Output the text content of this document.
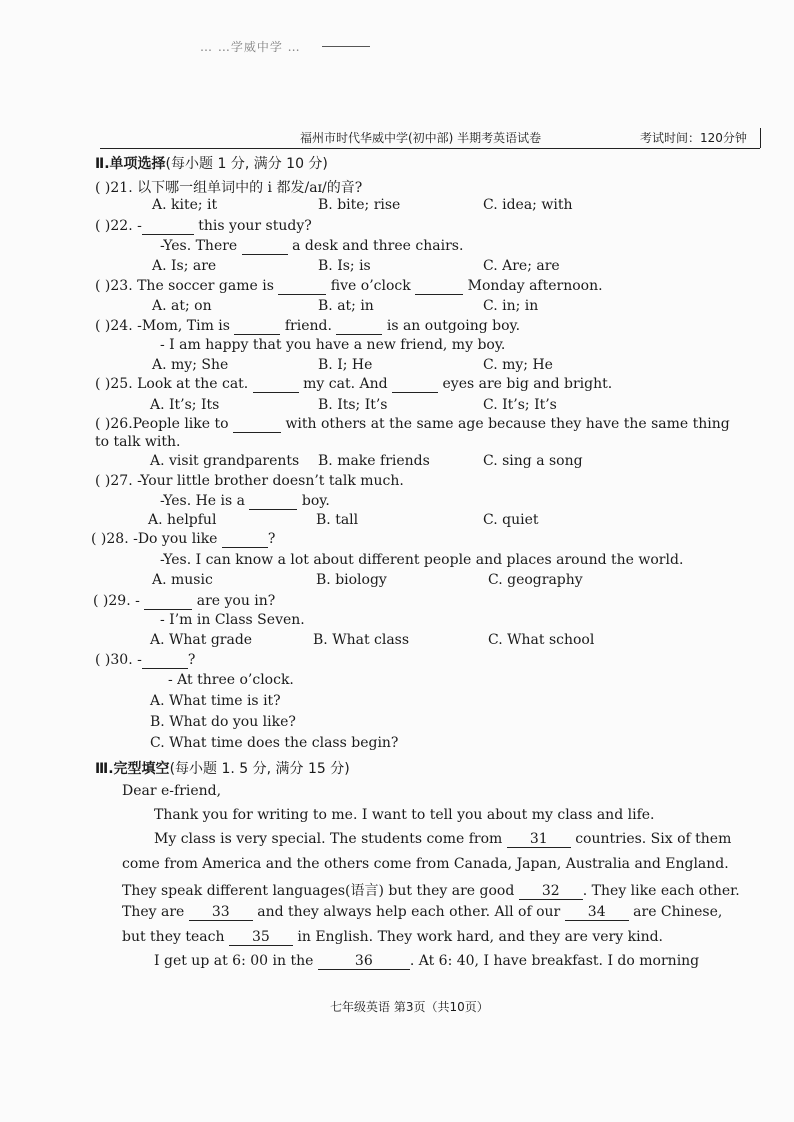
… …学威中学 …
福州市时代华威中学(初中部) 半期考英语试卷	考试时间：120分钟
Ⅱ.单项选择(每小题 1 分, 满分 10 分)
( )21. 以下哪一组单词中的 i 都发/aɪ/的音?
A. kite; it	B. bite; rise	C. idea; with
( )22. -	this your study?
-Yes. There	a desk and three chairs.
A. Is; are	B. Is; is	C. Are; are
( )23. The soccer game is	five o’clock	Monday afternoon.
A. at; on	B. at; in	C. in; in
( )24. -Mom, Tim is	friend.	is an outgoing boy.
- I am happy that you have a new friend, my boy.
A. my; She	B. I; He	C. my; He
( )25. Look at the cat.	my cat. And	eyes are big and bright.
A. It’s; Its	B. Its; It’s	C. It’s; It’s
( )26.People like to	with others at the same age because they have the same thing
to talk with.
A. visit grandparents B. make friends	C. sing a song
( )27. -Your little brother doesn’t talk much.
-Yes. He is a	boy.
A. helpful	B. tall	C. quiet
( )28. -Do you like	?
-Yes. I can know a lot about different people and places around the world.
A. music	B. biology	C. geography
( )29. -	are you in?
- I’m in Class Seven.
A. What grade	B. What class	C. What school
( )30. -	?
- At three o’clock.
A. What time is it?
B. What do you like?
C. What time does the class begin?
Ⅲ.完型填空(每小题 1. 5 分, 满分 15 分)
Dear e-friend,
Thank you for writing to me. I want to tell you about my class and life.
My class is very special. The students come from 31 countries. Six of them
come from America and the others come from Canada, Japan, Australia and England.
They speak different languages(语言) but they are good 32 . They like each other.
They are 33 and they always help each other. All of our 34 are Chinese,
but they teach 35 in English. They work hard, and they are very kind.
I get up at 6: 00 in the	36	. At 6: 40, I have breakfast. I do morning
七年级英语 第3页（共10页）
